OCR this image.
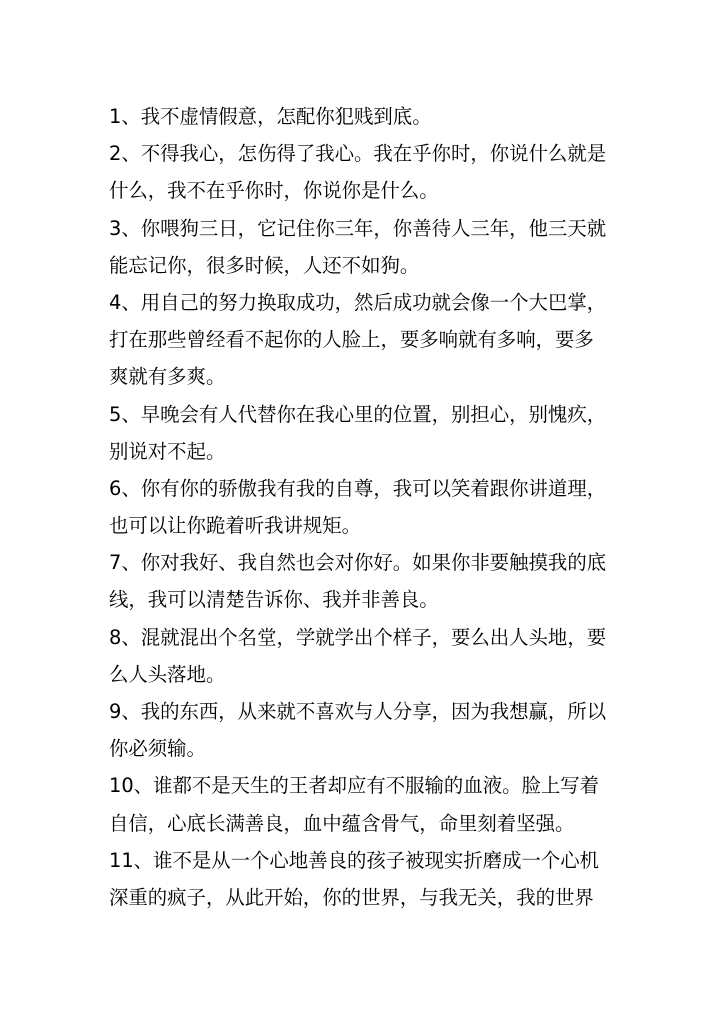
1、我不虚情假意，怎配你犯贱到底。
2、不得我心，怎伤得了我心。我在乎你时，你说什么就是
什么，我不在乎你时，你说你是什么。
3、你喂狗三日，它记住你三年，你善待人三年，他三天就
能忘记你，很多时候，人还不如狗。
4、用自己的努力换取成功，然后成功就会像一个大巴掌，
打在那些曾经看不起你的人脸上，要多响就有多响，要多
爽就有多爽。
5、早晚会有人代替你在我心里的位置，别担心，别愧疚，
别说对不起。
6、你有你的骄傲我有我的自尊，我可以笑着跟你讲道理，
也可以让你跪着听我讲规矩。
7、你对我好、我自然也会对你好。如果你非要触摸我的底
线，我可以清楚告诉你、我并非善良。
8、混就混出个名堂，学就学出个样子，要么出人头地，要
么人头落地。
9、我的东西，从来就不喜欢与人分享，因为我想赢，所以
你必须输。
10、谁都不是天生的王者却应有不服输的血液。脸上写着
自信，心底长满善良，血中蕴含骨气，命里刻着坚强。
11、谁不是从一个心地善良的孩子被现实折磨成一个心机
深重的疯子，从此开始，你的世界，与我无关，我的世界
